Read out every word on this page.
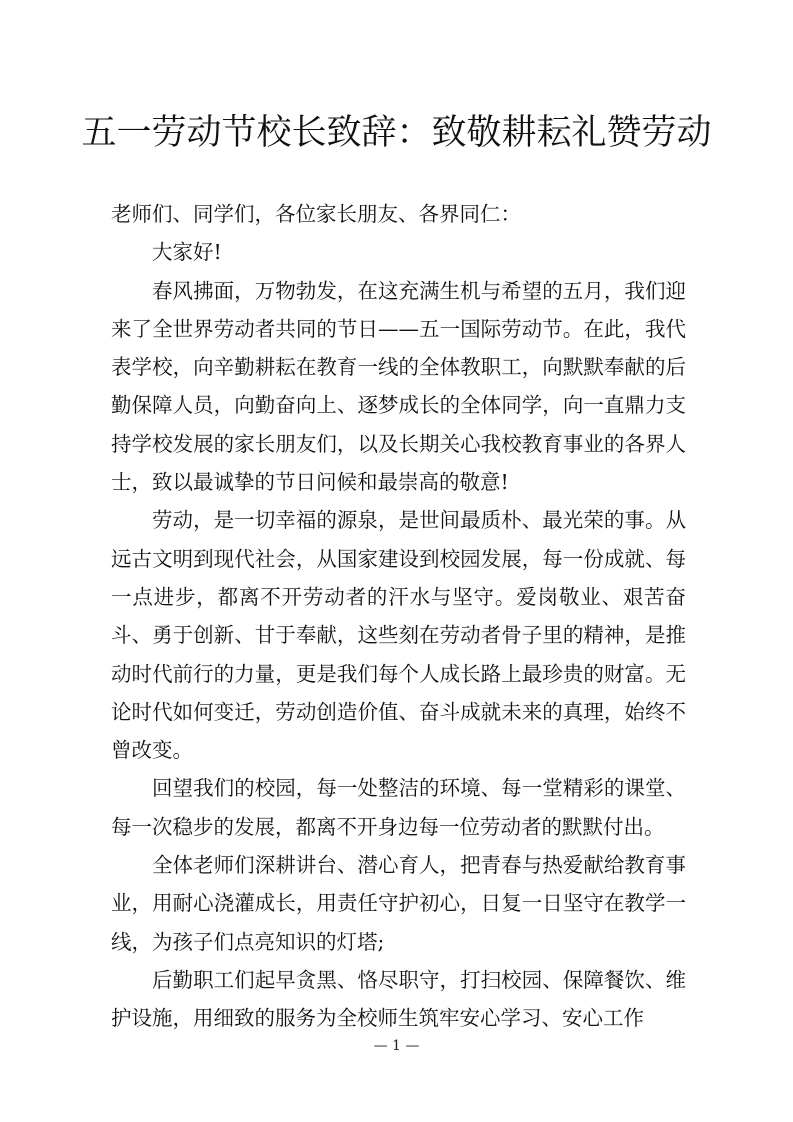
五一劳动节校长致辞：致敬耕耘礼赞劳动

老师们、同学们，各位家长朋友、各界同仁：

大家好!

春风拂面，万物勃发，在这充满生机与希望的五月，我们迎来了全世界劳动者共同的节日——五一国际劳动节。在此，我代表学校，向辛勤耕耘在教育一线的全体教职工，向默默奉献的后勤保障人员，向勤奋向上、逐梦成长的全体同学，向一直鼎力支持学校发展的家长朋友们，以及长期关心我校教育事业的各界人士，致以最诚挚的节日问候和最崇高的敬意!

劳动，是一切幸福的源泉，是世间最质朴、最光荣的事。从远古文明到现代社会，从国家建设到校园发展，每一份成就、每一点进步，都离不开劳动者的汗水与坚守。爱岗敬业、艰苦奋斗、勇于创新、甘于奉献，这些刻在劳动者骨子里的精神，是推动时代前行的力量，更是我们每个人成长路上最珍贵的财富。无论时代如何变迁，劳动创造价值、奋斗成就未来的真理，始终不曾改变。

回望我们的校园，每一处整洁的环境、每一堂精彩的课堂、每一次稳步的发展，都离不开身边每一位劳动者的默默付出。

全体老师们深耕讲台、潜心育人，把青春与热爱献给教育事业，用耐心浇灌成长，用责任守护初心，日复一日坚守在教学一线，为孩子们点亮知识的灯塔;

后勤职工们起早贪黑、恪尽职守，打扫校园、保障餐饮、维护设施，用细致的服务为全校师生筑牢安心学习、安心工作

— 1 —
